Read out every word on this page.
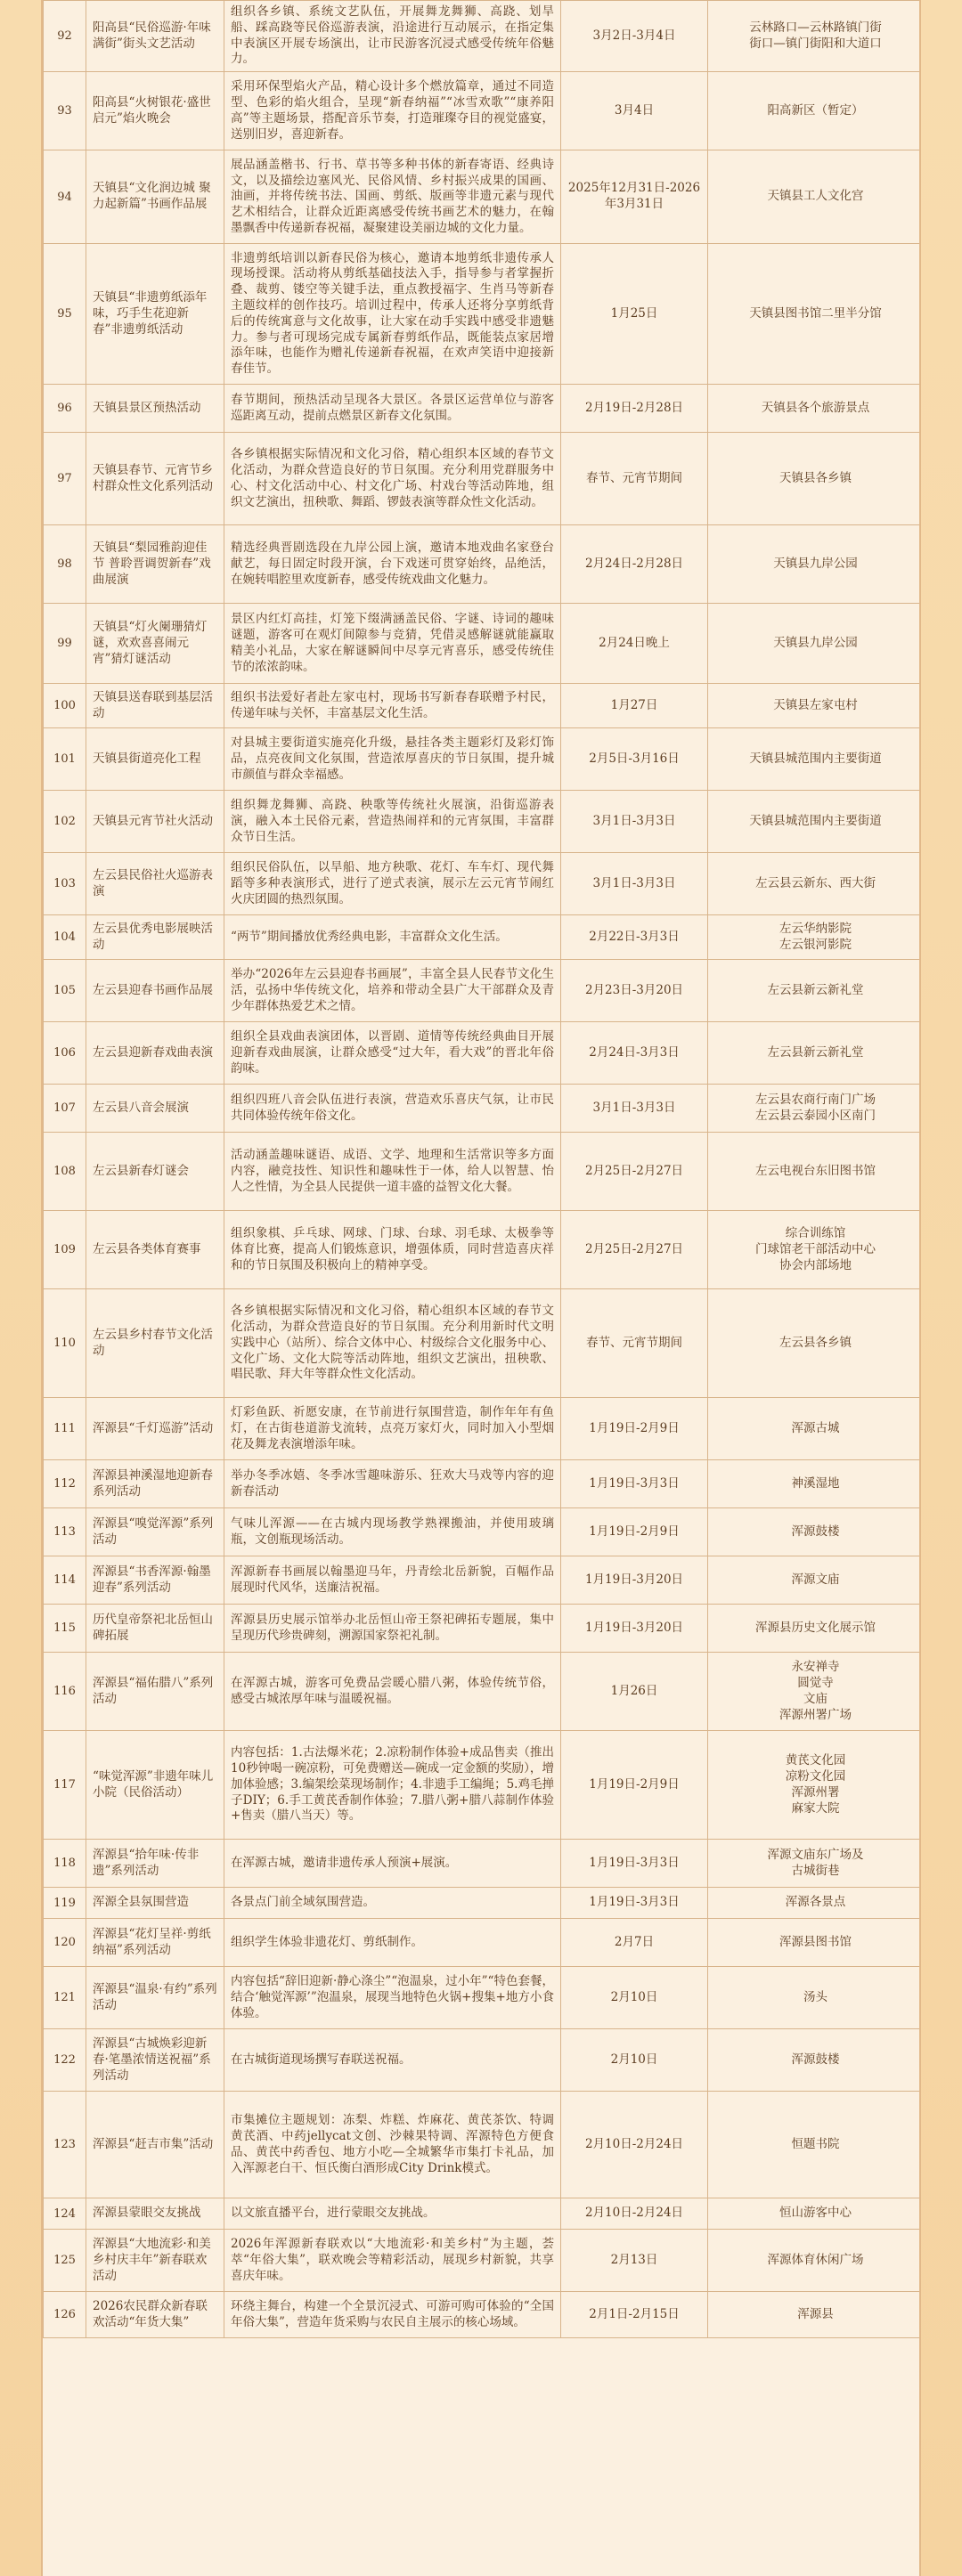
92	阳高县“民俗巡游·年味满街”街头文艺活动	组织各乡镇、系统文艺队伍，开展舞龙舞狮、高跷、划旱船、踩高跷等民俗巡游表演，沿途进行互动展示，在指定集中表演区开展专场演出，让市民游客沉浸式感受传统年俗魅力。	3月2日-3月4日	云林路口—云林路镇门街
街口—镇门街阳和大道口

93	阳高县“火树银花·盛世启元”焰火晚会	采用环保型焰火产品，精心设计多个燃放篇章，通过不同造型、色彩的焰火组合，呈现“新春纳福”“冰雪欢歌”“康养阳高”等主题场景，搭配音乐节奏，打造璀璨夺目的视觉盛宴，送别旧岁，喜迎新春。	3月4日	阳高新区（暂定）

94	天镇县“文化润边城 聚力起新篇”书画作品展	展品涵盖楷书、行书、草书等多种书体的新春寄语、经典诗文，以及描绘边塞风光、民俗风情、乡村振兴成果的国画、油画，并将传统书法、国画、剪纸、版画等非遗元素与现代艺术相结合，让群众近距离感受传统书画艺术的魅力，在翰墨飘香中传递新春祝福，凝聚建设美丽边城的文化力量。	2025年12月31日-2026年3月31日	天镇县工人文化宫

95	天镇县“非遗剪纸添年味，巧手生花迎新春”非遗剪纸活动	非遗剪纸培训以新春民俗为核心，邀请本地剪纸非遗传承人现场授课。活动将从剪纸基础技法入手，指导参与者掌握折叠、裁剪、镂空等关键手法，重点教授福字、生肖马等新春主题纹样的创作技巧。培训过程中，传承人还将分享剪纸背后的传统寓意与文化故事，让大家在动手实践中感受非遗魅力。参与者可现场完成专属新春剪纸作品，既能装点家居增添年味，也能作为赠礼传递新春祝福，在欢声笑语中迎接新春佳节。	1月25日	天镇县图书馆二里半分馆

96	天镇县景区预热活动	春节期间，预热活动呈现各大景区。各景区运营单位与游客巡距离互动，提前点燃景区新春文化氛围。	2月19日-2月28日	天镇县各个旅游景点

97	天镇县春节、元宵节乡村群众性文化系列活动	各乡镇根据实际情况和文化习俗，精心组织本区域的春节文化活动，为群众营造良好的节日氛围。充分利用党群服务中心、村文化活动中心、村文化广场、村戏台等活动阵地，组织文艺演出，扭秧歌、舞蹈、锣鼓表演等群众性文化活动。	春节、元宵节期间	天镇县各乡镇

98	天镇县“梨园雅韵迎佳节 普聆晋调贺新春”戏曲展演	精选经典晋剧选段在九岸公园上演，邀请本地戏曲名家登台献艺，每日固定时段开演，台下戏迷可贯穿始终，品绝活，在婉转唱腔里欢度新春，感受传统戏曲文化魅力。	2月24日-2月28日	天镇县九岸公园

99	天镇县“灯火阑珊猜灯谜，欢欢喜喜闹元宵”猜灯谜活动	景区内红灯高挂，灯笼下缀满涵盖民俗、字谜、诗词的趣味谜题，游客可在观灯间隙参与竞猜，凭借灵感解谜就能赢取精美小礼品，大家在解谜瞬间中尽享元宵喜乐，感受传统佳节的浓浓韵味。	2月24日晚上	天镇县九岸公园

100	天镇县送春联到基层活动	组织书法爱好者赴左家屯村，现场书写新春春联赠予村民，传递年味与关怀，丰富基层文化生活。	1月27日	天镇县左家屯村

101	天镇县街道亮化工程	对县城主要街道实施亮化升级，悬挂各类主题彩灯及彩灯饰品，点亮夜间文化氛围，营造浓厚喜庆的节日氛围，提升城市颜值与群众幸福感。	2月5日-3月16日	天镇县城范围内主要街道

102	天镇县元宵节社火活动	组织舞龙舞狮、高跷、秧歌等传统社火展演，沿街巡游表演，融入本土民俗元素，营造热闹祥和的元宵氛围，丰富群众节日生活。	3月1日-3月3日	天镇县城范围内主要街道

103	左云县民俗社火巡游表演	组织民俗队伍，以旱船、地方秧歌、花灯、车车灯、现代舞蹈等多种表演形式，进行了逆式表演，展示左云元宵节闹红火庆团圆的热烈氛围。	3月1日-3月3日	左云县云新东、西大街

104	左云县优秀电影展映活动	“两节”期间播放优秀经典电影，丰富群众文化生活。	2月22日-3月3日	左云华纳影院
左云银河影院

105	左云县迎春书画作品展	举办“2026年左云县迎春书画展”，丰富全县人民春节文化生活，弘扬中华传统文化，培养和带动全县广大干部群众及青少年群体热爱艺术之情。	2月23日-3月20日	左云县新云新礼堂

106	左云县迎新春戏曲表演	组织全县戏曲表演团体，以晋剧、道情等传统经典曲目开展迎新春戏曲展演，让群众感受“过大年，看大戏”的晋北年俗韵味。	2月24日-3月3日	左云县新云新礼堂

107	左云县八音会展演	组织四班八音会队伍进行表演，营造欢乐喜庆气氛，让市民共同体验传统年俗文化。	3月1日-3月3日	左云县农商行南门广场
左云县云泰园小区南门

108	左云县新春灯谜会	活动涵盖趣味谜语、成语、文学、地理和生活常识等多方面内容，融竞技性、知识性和趣味性于一体，给人以智慧、怡人之性情，为全县人民提供一道丰盛的益智文化大餐。	2月25日-2月27日	左云电视台东旧图书馆

109	左云县各类体育赛事	组织象棋、乒乓球、网球、门球、台球、羽毛球、太极拳等体育比赛，提高人们锻炼意识，增强体质，同时营造喜庆祥和的节日氛围及积极向上的精神享受。	2月25日-2月27日	综合训练馆
门球馆老干部活动中心
协会内部场地

110	左云县乡村春节文化活动	各乡镇根据实际情况和文化习俗，精心组织本区域的春节文化活动，为群众营造良好的节日氛围。充分利用新时代文明实践中心（站所）、综合文体中心、村级综合文化服务中心、文化广场、文化大院等活动阵地，组织文艺演出，扭秧歌、唱民歌、拜大年等群众性文化活动。	春节、元宵节期间	左云县各乡镇

111	浑源县“千灯巡游”活动	灯彩鱼跃、祈愿安康，在节前进行氛围营造，制作年年有鱼灯，在古街巷道游戈流转，点亮万家灯火，同时加入小型烟花及舞龙表演增添年味。	1月19日-2月9日	浑源古城

112	浑源县神溪湿地迎新春系列活动	举办冬季冰嬉、冬季冰雪趣味游乐、狂欢大马戏等内容的迎新春活动	1月19日-3月3日	神溪湿地

113	浑源县“嗅觉浑源”系列活动	气味儿浑源——在古城内现场教学熟裸搬油，并使用玻璃瓶，文创瓶现场活动。	1月19日-2月9日	浑源鼓楼

114	浑源县“书香浑源·翰墨迎春”系列活动	浑源新春书画展以翰墨迎马年，丹青绘北岳新貌，百幅作品展现时代风华，送廉洁祝福。	1月19日-3月20日	浑源文庙

115	历代皇帝祭祀北岳恒山碑拓展	浑源县历史展示馆举办北岳恒山帝王祭祀碑拓专题展，集中呈现历代珍贵碑刻，溯源国家祭祀礼制。	1月19日-3月20日	浑源县历史文化展示馆

116	浑源县“福佑腊八”系列活动	在浑源古城，游客可免费品尝暖心腊八粥，体验传统节俗，感受古城浓厚年味与温暖祝福。	1月26日	永安禅寺
圆觉寺
文庙
浑源州署广场

117	“味觉浑源”非遗年味儿小院（民俗活动）	内容包括：1.古法爆米花；2.凉粉制作体验+成品售卖（推出10秒钟喝一碗凉粉，可免费赠送—碗成一定金额的奖励），增加体验感；3.编架绘菜现场制作；4.非遗手工编绳；5.鸡毛掸子DIY；6.手工黄芪香制作体验；7.腊八粥+腊八蒜制作体验+售卖（腊八当天）等。	1月19日-2月9日	黄芪文化园
凉粉文化园
浑源州署
麻家大院

118	浑源县“拾年味·传非遗”系列活动	在浑源古城，邀请非遗传承人预演+展演。	1月19日-3月3日	浑源文庙东广场及
古城街巷

119	浑源全县氛围营造	各景点门前全域氛围营造。	1月19日-3月3日	浑源各景点

120	浑源县“花灯呈祥·剪纸纳福”系列活动	组织学生体验非遗花灯、剪纸制作。	2月7日	浑源县图书馆

121	浑源县“温泉·有约”系列活动	内容包括“辞旧迎新·静心涤尘”“泡温泉，过小年”“特色套餐，结合‘触觉浑源’”泡温泉，展现当地特色火锅+搜集+地方小食体验。	2月10日	汤头

122	浑源县“古城焕彩迎新春·笔墨浓情送祝福”系列活动	在古城街道现场撰写春联送祝福。	2月10日	浑源鼓楼

123	浑源县“赶吉市集”活动	市集摊位主题规划：冻梨、炸糕、炸麻花、黄芪茶饮、特调黄芪酒、中药jellycat文创、沙棘果特调、浑源特色方便食品、黄芪中药香包、地方小吃—全城繁华市集打卡礼品，加入浑源老白干、恒氏衡白酒形成City Drink模式。	2月10日-2月24日	恒题书院

124	浑源县蒙眼交友挑战	以文旅直播平台，进行蒙眼交友挑战。	2月10日-2月24日	恒山游客中心

125	浑源县“大地流彩·和美乡村庆丰年”新春联欢活动	2026年浑源新春联欢以“大地流彩·和美乡村”为主题，荟萃“年俗大集”，联欢晚会等精彩活动，展现乡村新貌，共享喜庆年味。	2月13日	浑源体育休闲广场

126	2026农民群众新春联欢活动“年货大集”	环绕主舞台，构建一个全景沉浸式、可游可购可体验的“全国年俗大集”，营造年货采购与农民自主展示的核心场域。	2月1日-2月15日	浑源县
